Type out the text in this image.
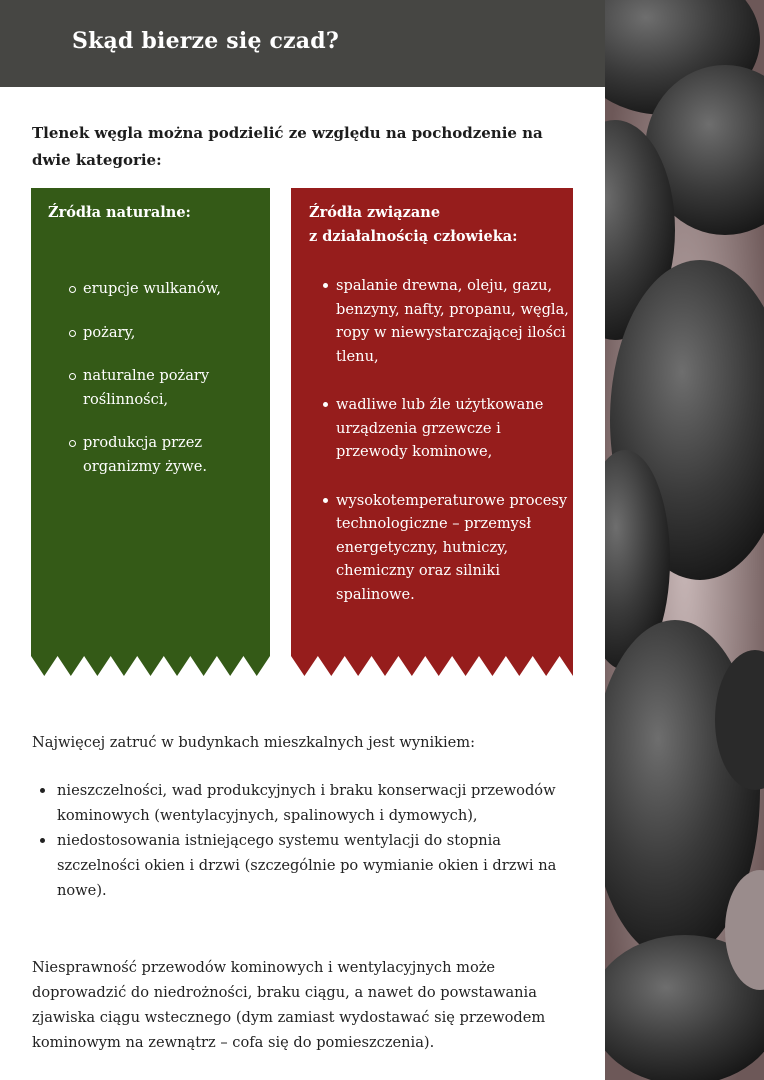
Skąd bierze się czad?

Tlenek węgla można podzielić ze względu na pochodzenie na dwie kategorie:

Źródła naturalne:
erupcje wulkanów,
pożary,
naturalne pożary roślinności,
produkcja przez organizmy żywe.
Źródła związane
z działalnością człowieka:
spalanie drewna, oleju, gazu, benzyny, nafty, propanu, węgla, ropy w niewystarczającej ilości tlenu,
wadliwe lub źle użytkowane urządzenia grzewcze i przewody kominowe,
wysokotemperaturowe procesy technologiczne – przemysł energetyczny, hutniczy, chemiczny oraz silniki spalinowe.

Najwięcej zatruć w budynkach mieszkalnych jest wynikiem:

nieszczelności, wad produkcyjnych i braku konserwacji przewodów kominowych (wentylacyjnych, spalinowych i dymowych),
niedostosowania istniejącego systemu wentylacji do stopnia szczelności okien i drzwi (szczególnie po wymianie okien i drzwi na nowe).

Niesprawność przewodów kominowych i wentylacyjnych może doprowadzić do niedrożności, braku ciągu, a nawet do powstawania zjawiska ciągu wstecznego (dym zamiast wydostawać się przewodem kominowym na zewnątrz – cofa się do pomieszczenia).
